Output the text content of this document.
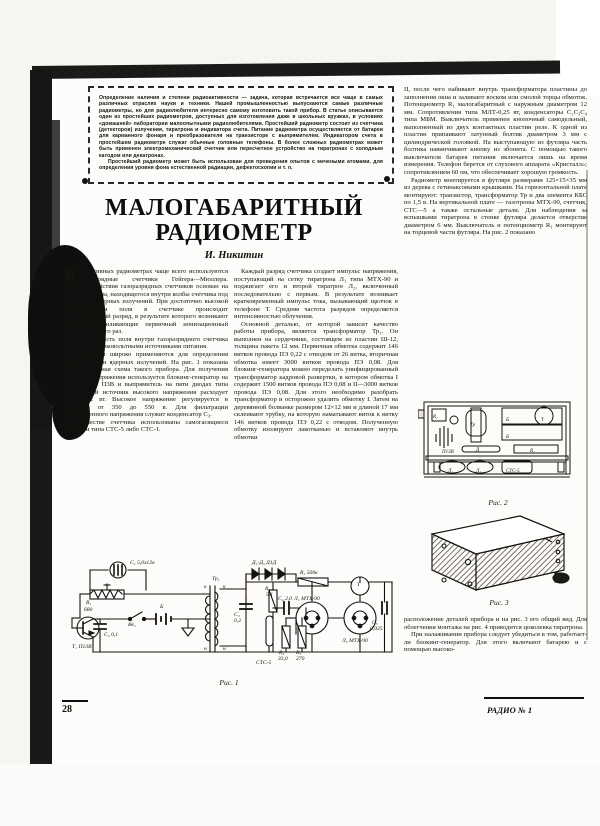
Определение наличия и степени радиоактивности — задача, которая встречается все чаще в самых различных отраслях науки и техники. Нашей промышленностью выпускаются самые различные радиометры, но для радиолюбителя интересно самому изготовить такой прибор. В статье описывается один из простейших радиометров, доступных для изготовления даже в школьных кружках, в условиях «домашней» лаборатории малоопытными радиолюбителями. Простейший радиометр состоит из счетчика (детекторов) излучения, тиратрона и индикатора счета. Питание радиометра осуществляется от батареи для карманного фонаря и преобразователя на транзисторе с выпрямителем. Индикатором счета в простейшем радиометре служат обычные головные телефоны. В более сложных радиометрах может быть применен электромеханический счетчик или пересчетное устройство на тиратронах с холодным катодом или декатронах.

Простейший радиометр может быть использован для проведения опытов с мечеными атомами, для определения уровня фона естественной радиации, дефектоскопии и т. п.

МАЛОГАБАРИТНЫЙ
РАДИОМЕТР
И. Никитин

Впортативных радиометрах чаще всего используются газоразрядные счетчики Гейгера—Мюллера. Принцип действия газоразрядных счетчиков основан на ионизации газа, находящегося внутри колбы счетчика под действием ядерных излучений. При достаточно высокой напряженности поля в счетчике происходит лавинообразный разряд, в результате которого возникают процессы, усиливающие первичный ионизационный эффект во много раз.

Напряженность поля внутри газоразрядного счетчика создается высоковольтными источниками питания.

Радиометры широко применяются для определения интенсивности ядерных излучений. На рис. 1 показана принципиальная схема такого прибора. Для получения высокого напряжения используется блокинг-генератор на транзисторе П3В и выпрямитель на пяти диодах типа Д1Д. Такой источник высокого напряжения расходует всего 0,2 вт. Высокое напряжение регулируется в пределах от 350 до 550 в. Для фильтрации выпрямленного напряжения служит конденсатор С₃.

В качестве счетчика использованы самогасящиеся счетчики типа СТС-5 либо СТС-1.

Каждый разряд счетчика создает импульс напряжения, поступающий на сетку тиратрона Л₁ типа МТХ-90 и поджигает его и второй тиратрон Л₂, включенный последовательно с первым. В результате возникает кратковременный импульс тока, вызывающий щелчок в телефоне Т. Средняя частота разрядов определяется интенсивностью облучения.

Основной деталью, от которой зависит качество работы прибора, является трансформатор Тр₁. Он выполнен на сердечнике, состоящем из пластин Ш-12, толщина пакета 12 мм. Первичная обмотка содержит 146 витков провода ПЭ 0,22 с отводом от 26 витка, вторичная обмотка имеет 3000 витков провода ПЭ 0,08. Для блокинг-генератора можно переделать унифицированный трансформатор кадровой развертки, в котором обмотка I содержит 1500 витков провода ПЭ 0,08 и II—3000 витков провода ПЭ 0,08. Для этого необходимо разобрать трансформатор и осторожно удалить обмотку I. Затем на деревянной болванке размером 12×12 мм и длиной 17 мм склеивают трубку, на которую наматывают виток к витку 146 витков провода ПЭ 0,22 с отводом. Полученную обмотку изолируют лакотканью и вставляют внутрь обмотки

II, после чего набивают внутрь трансформатора пластины до заполнения окна и заливают воском или смолой торцы обмоток. Потенциометр R₁ малогабаритный с наружным диаметром 12 мм. Сопротивления типа МЛТ-0,25 вт, конденсаторы С₂С₃С₄ типа МБМ. Выключатель применен кнопочный самодельный, выполненный из двух контактных пластин реле. К одной из пластин припаивают латунный болтик диаметром 3 мм с цилиндрической головкой. На выступающую из футляра часть болтика навинчивают кнопку из эбонита. С помощью такого выключателя батарея питания включается лишь на время измерения. Телефон берется от слухового аппарата «Кристалл»; сопротивлением 60 ом, что обеспечивает хорошую громкость.

Радиометр монтируется в футляре размерами 125×15×35 мм из дерева с гетинаксовыми крышками. На горизонтальной плате монтируют: транзистор, трансформатор Тр и два элемента КБС по 1,5 в. На вертикальной плате — газотроны МТХ-90, счетчик, СТС—5 а также остальные детали. Для наблюдения за вспышками тиратрона в стенке футляра делается отверстие диаметром 6 мм. Выключатель и потенциометр R₁ монтируют на торцевой части футляра. На рис. 2 показано

расположение деталей прибора и на рис. 3 его общий вид. Для облегчения монтажа на рис. 4 приводится цоколевка тиратрона.

При налаживании прибора следует убедиться в том, работает-ли блокинг-генератор. Для этого включают батарею и с помощью высоко-

R₁
Тр
П13В	Д	R₂
Т
Б
Б
Л₁	Л₂	СТС-5
Рис. 2
Рис. 3
C₁ 5,0x12в
R₁
680
Т₁ П13В
C₂ 0,1
Вк₁
Б
Тр₁
к	к
н	н
Д₁-Д₅ Д1Д
+
С₃
0,2
R₂
5,1
С₄ 2,0
R₃ 500к
Л₁ МТХ-90
Л₂ МТХ-90
Т
С₅
0,025
R₄
33,0
R₅
270
СТС-5
Рис. 1
28	РАДИО № 1
